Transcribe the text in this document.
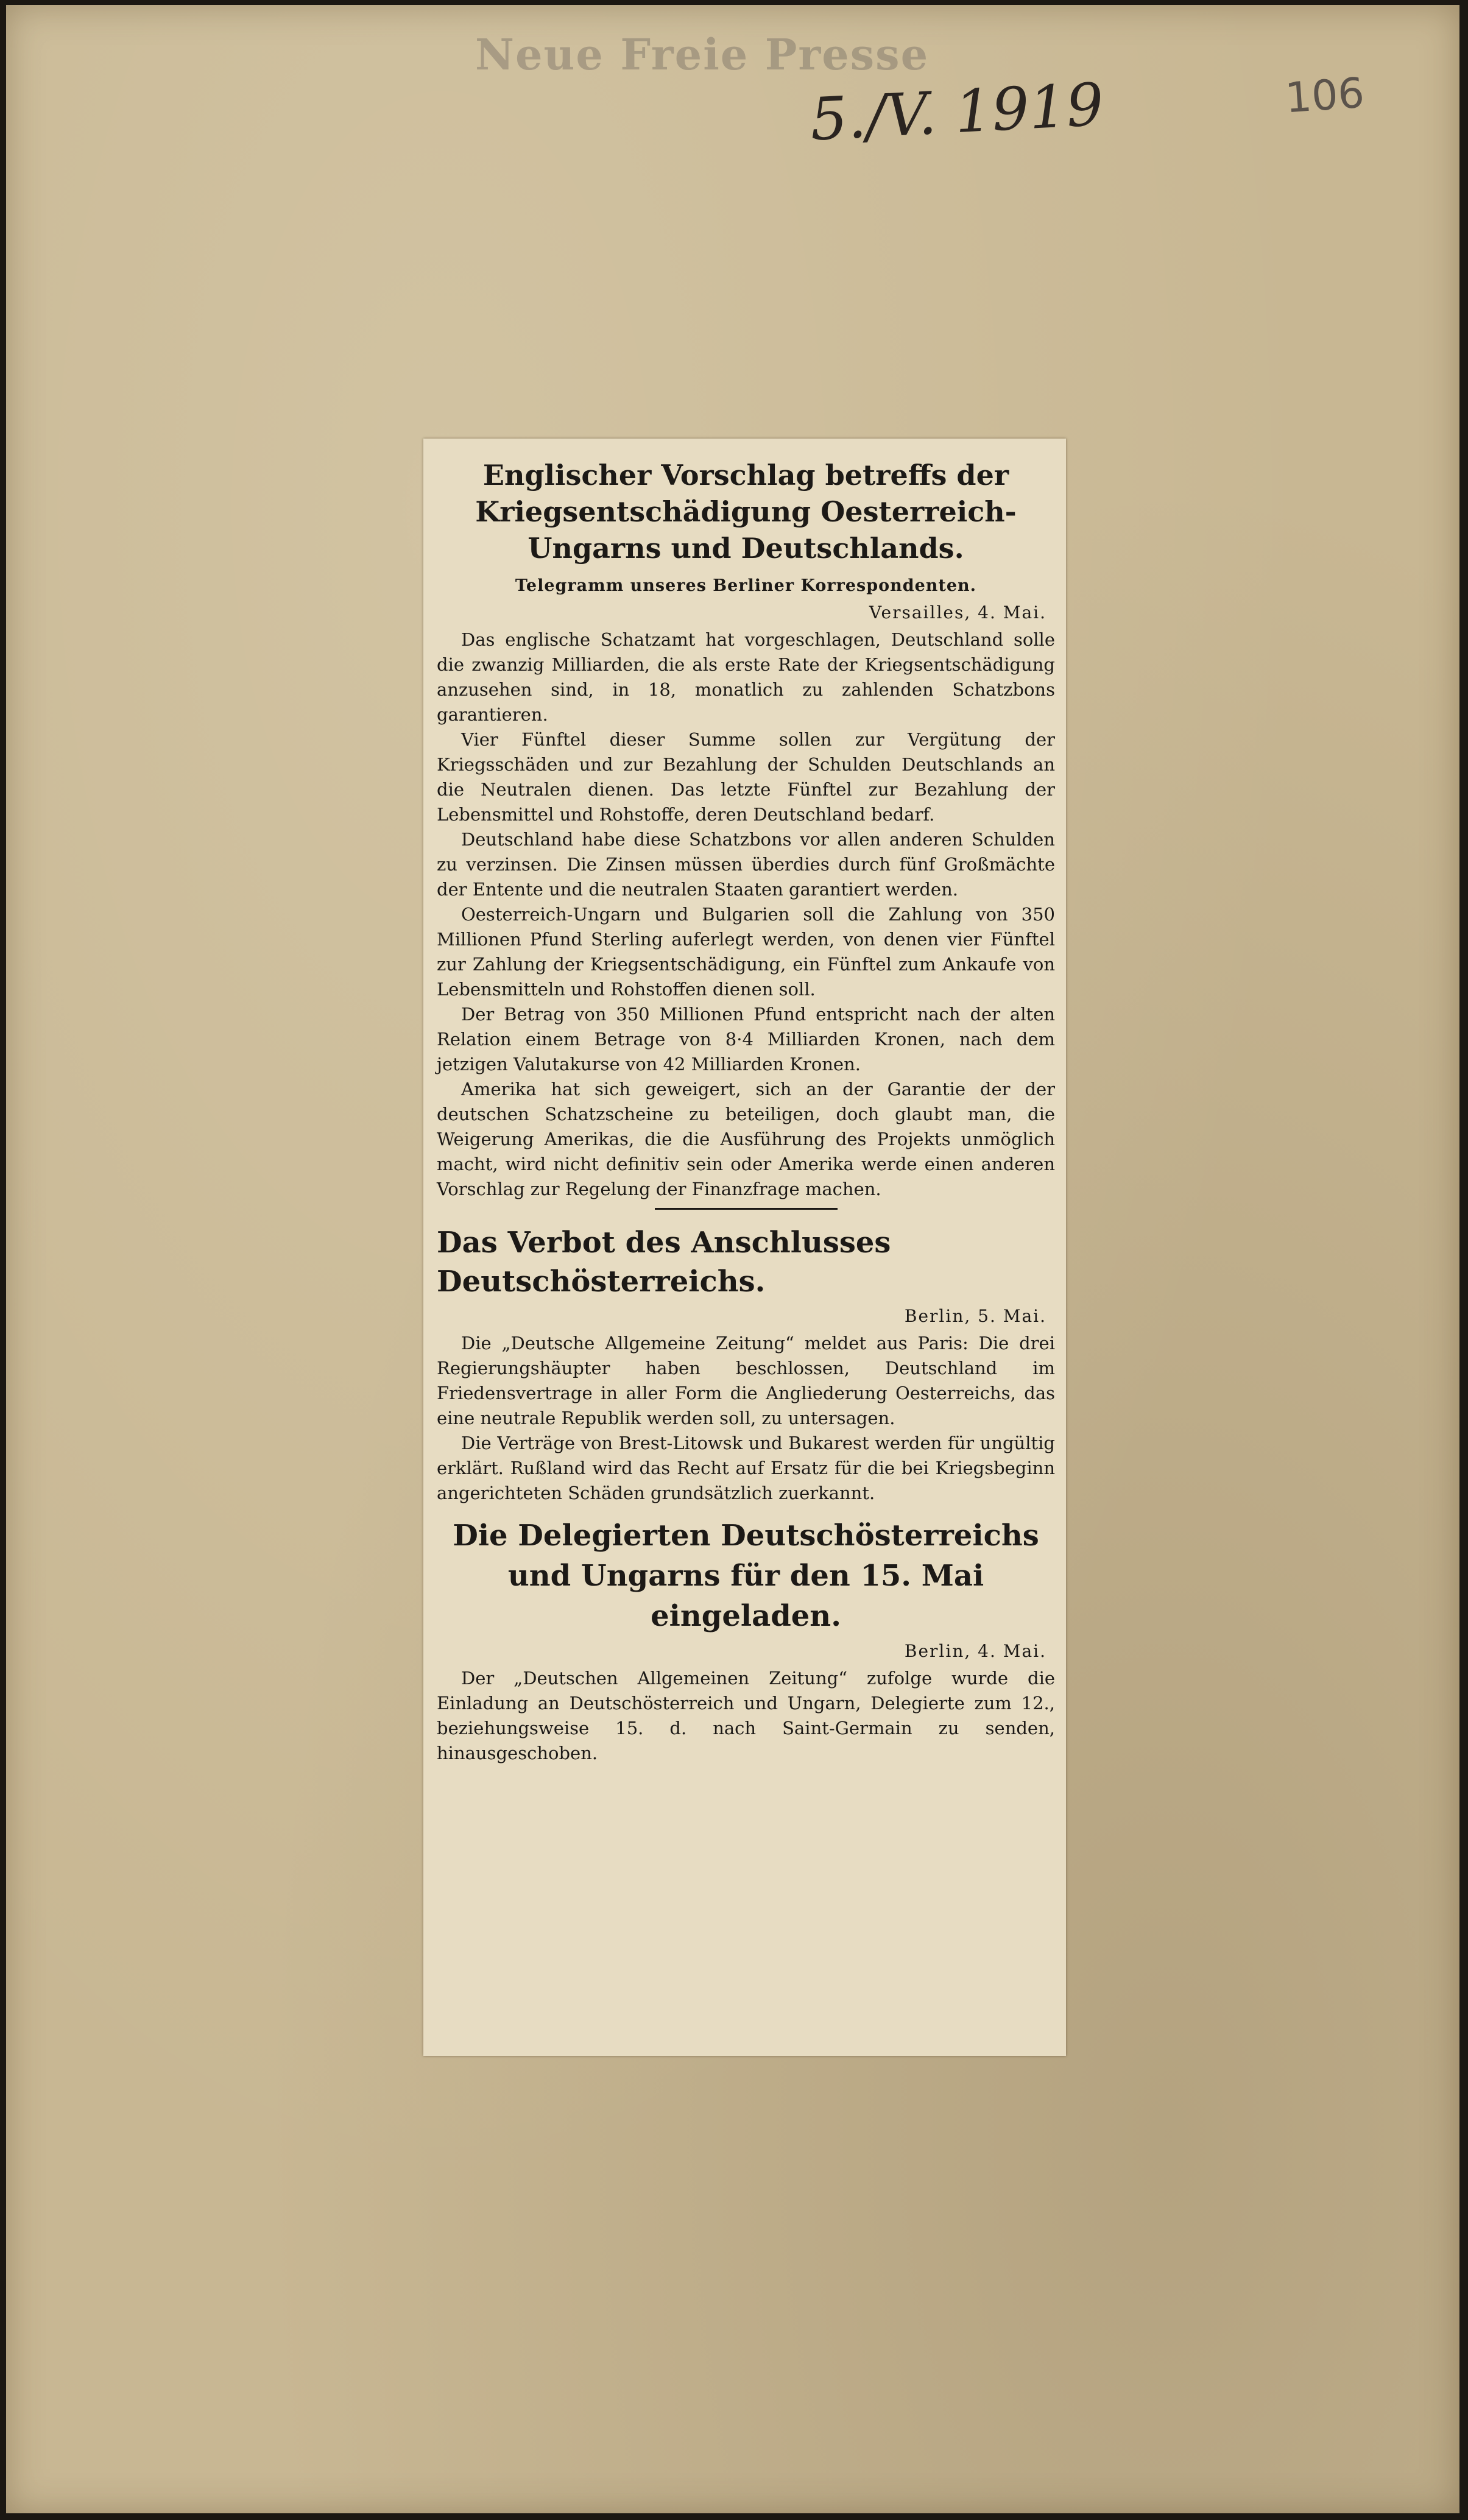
Neue Freie Presse
5./V. 1919	106
Englischer Vorschlag betreffs der Kriegsentschädigung Oesterreich-Ungarns und Deutschlands.
Telegramm unseres Berliner Korrespondenten.
Versailles, 4. Mai.

Das englische Schatzamt hat vorgeschlagen, Deutschland solle die zwanzig Milliarden, die als erste Rate der Kriegsentschädigung anzusehen sind, in 18, monatlich zu zahlenden Schatzbons garantieren.

Vier Fünftel dieser Summe sollen zur Vergütung der Kriegsschäden und zur Bezahlung der Schulden Deutschlands an die Neutralen dienen. Das letzte Fünftel zur Bezahlung der Lebensmittel und Rohstoffe, deren Deutschland bedarf.

Deutschland habe diese Schatzbons vor allen anderen Schulden zu verzinsen. Die Zinsen müssen überdies durch fünf Großmächte der Entente und die neutralen Staaten garantiert werden.

Oesterreich-Ungarn und Bulgarien soll die Zahlung von 350 Millionen Pfund Sterling auferlegt werden, von denen vier Fünftel zur Zahlung der Kriegsentschädigung, ein Fünftel zum Ankaufe von Lebensmitteln und Rohstoffen dienen soll.

Der Betrag von 350 Millionen Pfund entspricht nach der alten Relation einem Betrage von 8·4 Milliarden Kronen, nach dem jetzigen Valutakurse von 42 Milliarden Kronen.

Amerika hat sich geweigert, sich an der Garantie der der deutschen Schatzscheine zu beteiligen, doch glaubt man, die Weigerung Amerikas, die die Ausführung des Projekts unmöglich macht, wird nicht definitiv sein oder Amerika werde einen anderen Vorschlag zur Regelung der Finanzfrage machen.

Das Verbot des Anschlusses Deutschösterreichs.
Berlin, 5. Mai.

Die „Deutsche Allgemeine Zeitung“ meldet aus Paris: Die drei Regierungshäupter haben beschlossen, Deutschland im Friedensvertrage in aller Form die Angliederung Oesterreichs, das eine neutrale Republik werden soll, zu untersagen.

Die Verträge von Brest-Litowsk und Bukarest werden für ungültig erklärt. Rußland wird das Recht auf Ersatz für die bei Kriegsbeginn angerichteten Schäden grundsätzlich zuerkannt.

Die Delegierten Deutschösterreichs und Ungarns für den 15. Mai eingeladen.
Berlin, 4. Mai.

Der „Deutschen Allgemeinen Zeitung“ zufolge wurde die Einladung an Deutschösterreich und Ungarn, Delegierte zum 12., beziehungsweise 15. d. nach Saint-Germain zu senden, hinausgeschoben.
